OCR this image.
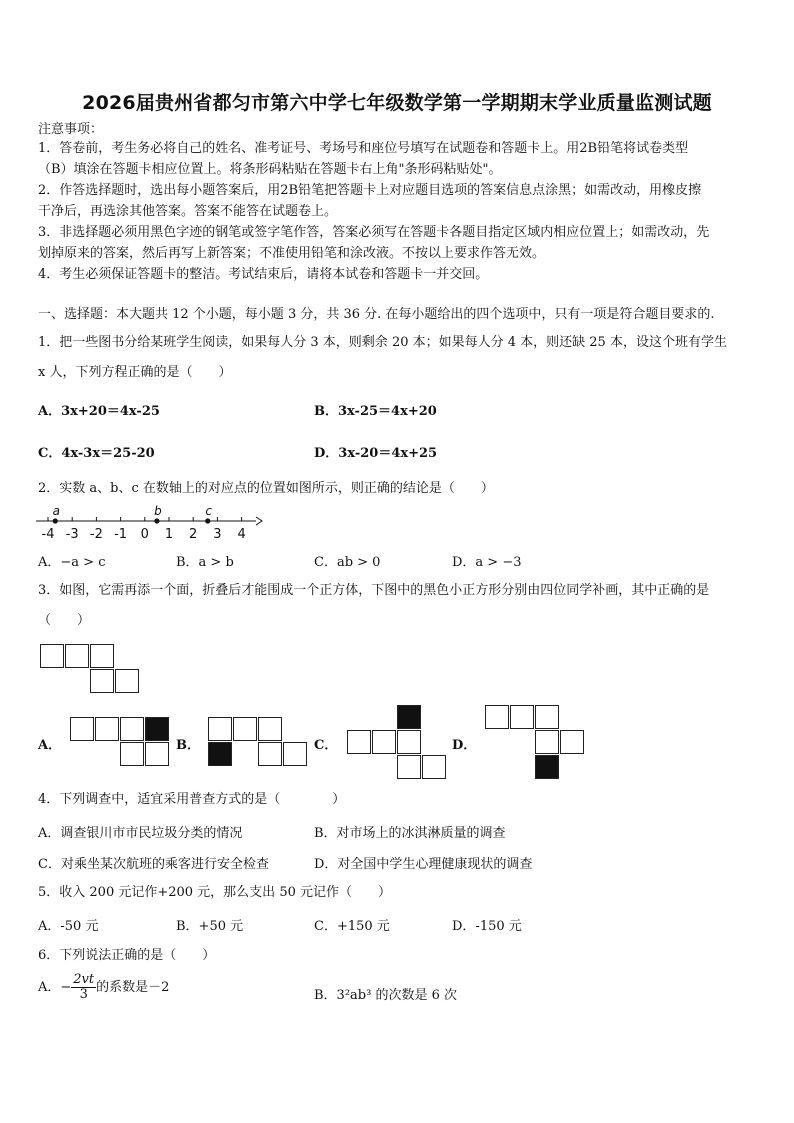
2026届贵州省都匀市第六中学七年级数学第一学期期末学业质量监测试题
注意事项：
1．答卷前，考生务必将自己的姓名、准考证号、考场号和座位号填写在试题卷和答题卡上。用2B铅笔将试卷类型
（B）填涂在答题卡相应位置上。将条形码粘贴在答题卡右上角"条形码粘贴处"。
2．作答选择题时，选出每小题答案后，用2B铅笔把答题卡上对应题目选项的答案信息点涂黑；如需改动，用橡皮擦
干净后，再选涂其他答案。答案不能答在试题卷上。
3．非选择题必须用黑色字迹的钢笔或签字笔作答，答案必须写在答题卡各题目指定区域内相应位置上；如需改动，先
划掉原来的答案，然后再写上新答案；不准使用铅笔和涂改液。不按以上要求作答无效。
4．考生必须保证答题卡的整洁。考试结束后，请将本试卷和答题卡一并交回。
一、选择题：本大题共 12 个小题，每小题 3 分，共 36 分. 在每小题给出的四个选项中，只有一项是符合题目要求的.
1．把一些图书分给某班学生阅读，如果每人分 3 本，则剩余 20 本；如果每人分 4 本，则还缺 25 本，设这个班有学生
x 人，下列方程正确的是（　　）
A．3x+20＝4x-25	B．3x-25＝4x+20
C．4x-3x＝25-20	D．3x-20＝4x+25
2．实数 a、b、c 在数轴上的对应点的位置如图所示，则正确的结论是（　　）
-4 -3 -2 -1 0 1 2 3 4
a	b	c
A．−a > c	B．a > b	C．ab > 0	D．a > −3
3．如图，它需再添一个面，折叠后才能围成一个正方体，下图中的黑色小正方形分别由四位同学补画，其中正确的是
（　　）
A．	B．	C．	D．
4．下列调查中，适宜采用普查方式的是（　　　　）
A．调查银川市市民垃圾分类的情况	B．对市场上的冰淇淋质量的调查
C．对乘坐某次航班的乘客进行安全检查	D．对全国中学生心理健康现状的调查
5．收入 200 元记作+200 元，那么支出 50 元记作（　　）
A．-50 元	B．+50 元	C．+150 元	D．-150 元
6．下列说法正确的是（　　）
A．− $\frac{2vt}{3}$ 的系数是－2
B．3²ab³ 的次数是 6 次
